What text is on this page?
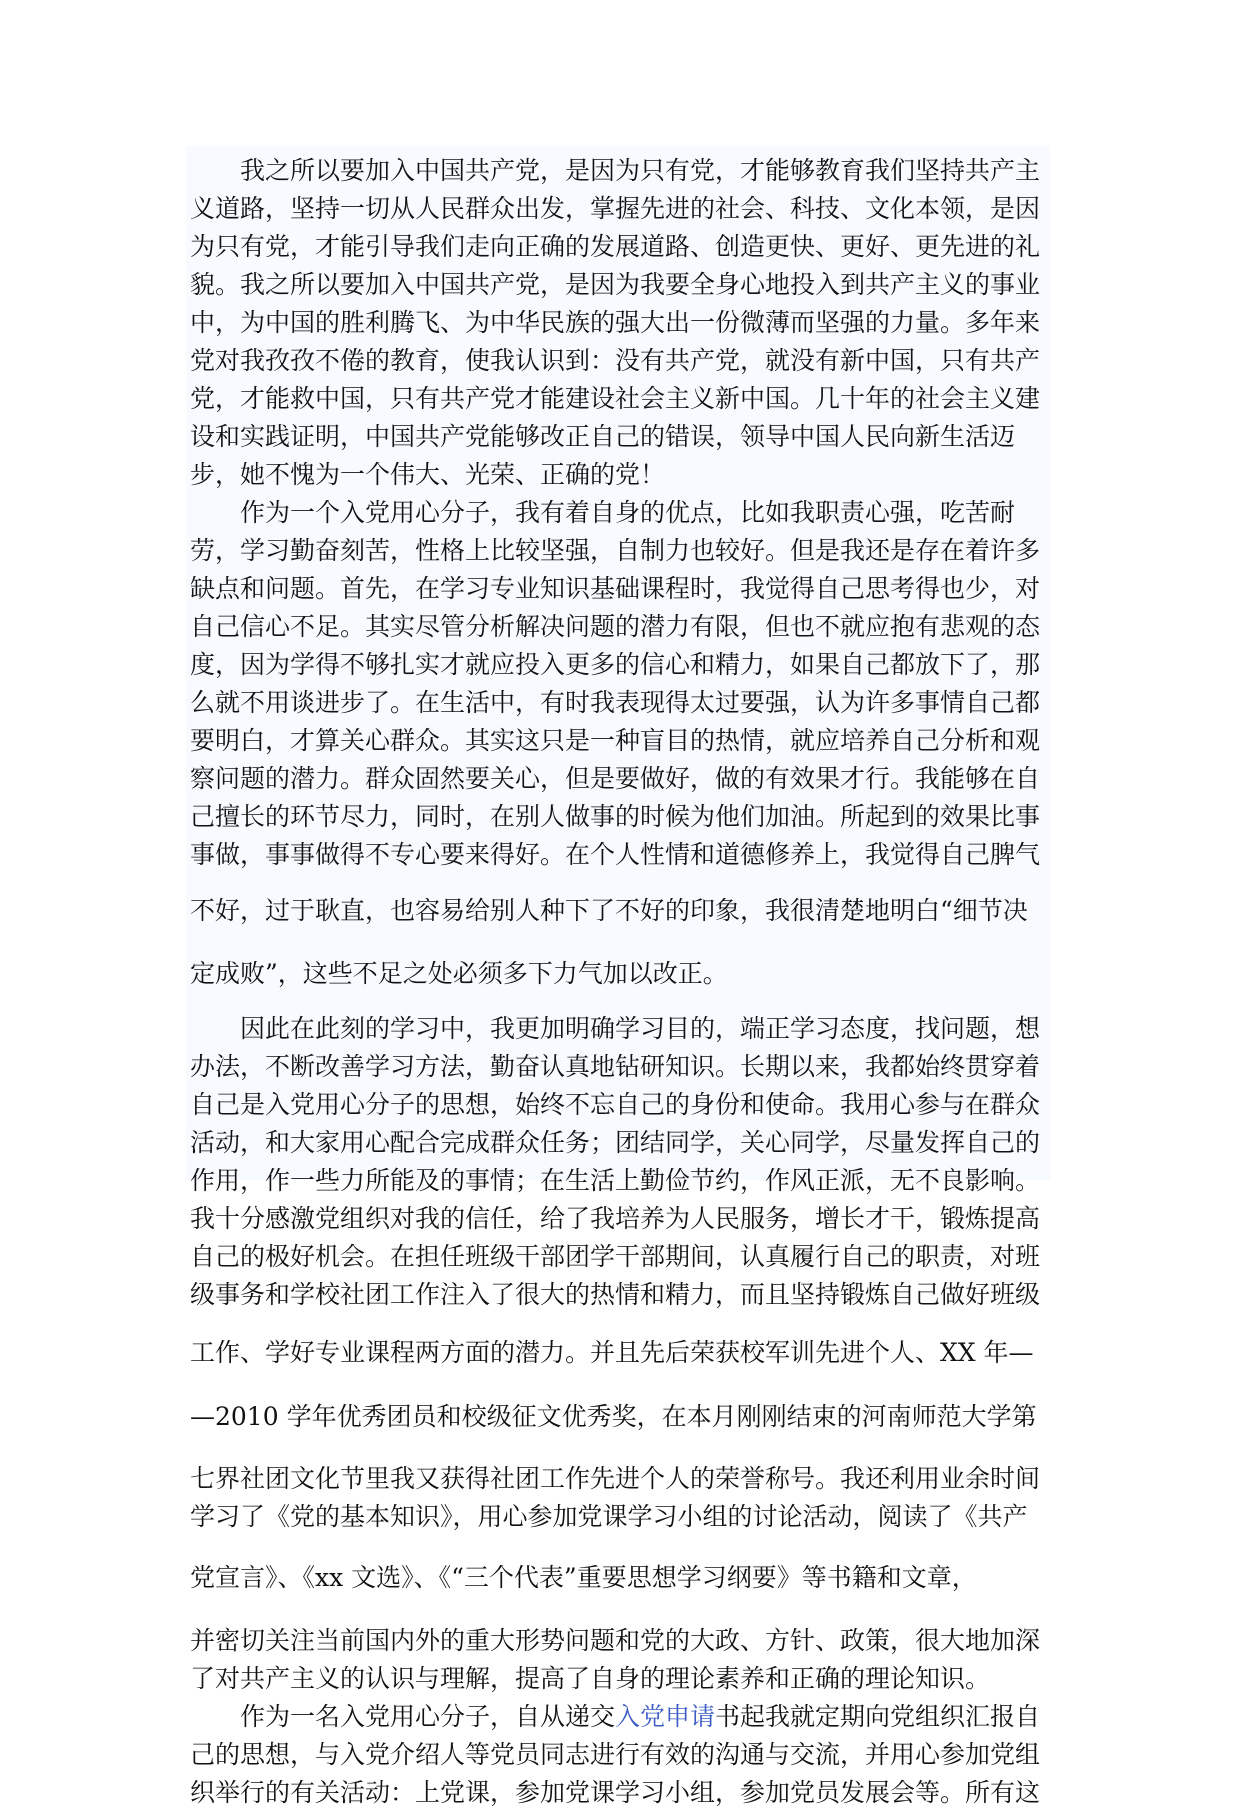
我之所以要加入中国共产党，是因为只有党，才能够教育我们坚持共产主
义道路，坚持一切从人民群众出发，掌握先进的社会、科技、文化本领，是因
为只有党，才能引导我们走向正确的发展道路、创造更快、更好、更先进的礼
貌。我之所以要加入中国共产党，是因为我要全身心地投入到共产主义的事业
中，为中国的胜利腾飞、为中华民族的强大出一份微薄而坚强的力量。多年来
党对我孜孜不倦的教育，使我认识到：没有共产党，就没有新中国，只有共产
党，才能救中国，只有共产党才能建设社会主义新中国。几十年的社会主义建
设和实践证明，中国共产党能够改正自己的错误，领导中国人民向新生活迈
步，她不愧为一个伟大、光荣、正确的党！
作为一个入党用心分子，我有着自身的优点，比如我职责心强，吃苦耐
劳，学习勤奋刻苦，性格上比较坚强，自制力也较好。但是我还是存在着许多
缺点和问题。首先，在学习专业知识基础课程时，我觉得自己思考得也少，对
自己信心不足。其实尽管分析解决问题的潜力有限，但也不就应抱有悲观的态
度，因为学得不够扎实才就应投入更多的信心和精力，如果自己都放下了，那
么就不用谈进步了。在生活中，有时我表现得太过要强，认为许多事情自己都
要明白，才算关心群众。其实这只是一种盲目的热情，就应培养自己分析和观
察问题的潜力。群众固然要关心，但是要做好，做的有效果才行。我能够在自
己擅长的环节尽力，同时，在别人做事的时候为他们加油。所起到的效果比事
事做，事事做得不专心要来得好。在个人性情和道德修养上，我觉得自己脾气
不好，过于耿直，也容易给别人种下了不好的印象，我很清楚地明白“细节决
定成败”，这些不足之处必须多下力气加以改正。
因此在此刻的学习中，我更加明确学习目的，端正学习态度，找问题，想
办法，不断改善学习方法，勤奋认真地钻研知识。长期以来，我都始终贯穿着
自己是入党用心分子的思想，始终不忘自己的身份和使命。我用心参与在群众
活动，和大家用心配合完成群众任务；团结同学，关心同学，尽量发挥自己的
作用，作一些力所能及的事情；在生活上勤俭节约，作风正派，无不良影响。
我十分感激党组织对我的信任，给了我培养为人民服务，增长才干，锻炼提高
自己的极好机会。在担任班级干部团学干部期间，认真履行自己的职责，对班
级事务和学校社团工作注入了很大的热情和精力，而且坚持锻炼自己做好班级
工作、学好专业课程两方面的潜力。并且先后荣获校军训先进个人、XX 年—
—2010 学年优秀团员和校级征文优秀奖，在本月刚刚结束的河南师范大学第
七界社团文化节里我又获得社团工作先进个人的荣誉称号。我还利用业余时间
学习了《党的基本知识》，用心参加党课学习小组的讨论活动，阅读了《共产
党宣言》、《xx 文选》、《“三个代表”重要思想学习纲要》等书籍和文章，
并密切关注当前国内外的重大形势问题和党的大政、方针、政策，很大地加深
了对共产主义的认识与理解，提高了自身的理论素养和正确的理论知识。
作为一名入党用心分子，自从递交入党申请书起我就定期向党组织汇报自
己的思想，与入党介绍人等党员同志进行有效的沟通与交流，并用心参加党组
织举行的有关活动：上党课，参加党课学习小组，参加党员发展会等。所有这
